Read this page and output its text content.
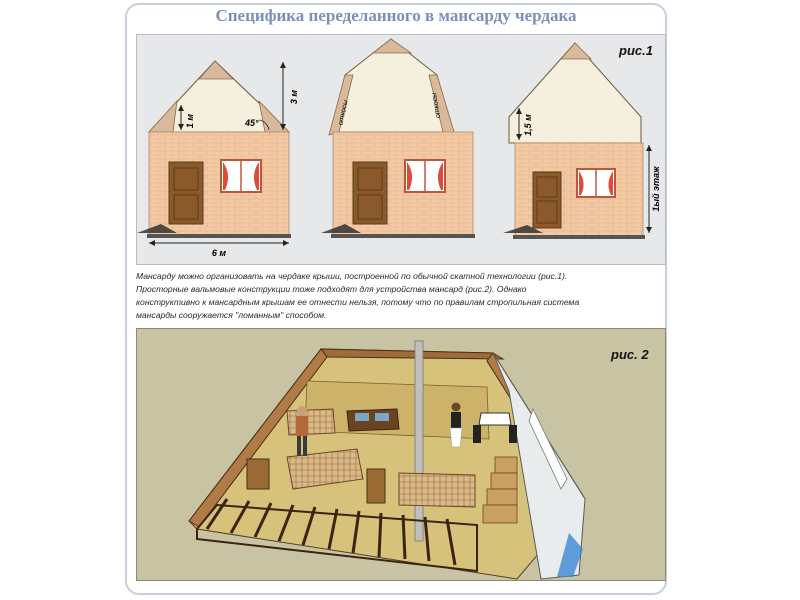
Специфика переделанного в мансарду чердака
1 м
3 м
45°
6 м
откосы	откосы
1,5 м
1ый этаж
рис.1
Мансарду можно организовать на чердаке крыши, построенной по обычной скатной технологии (рис.1).
Просторные вальмовые конструкции тоже подходят для устройства мансард (рис.2). Однако
конструктивно к мансардным крышам ее отнести нельзя, потому что по правилам стропильная система
мансарды сооружается "ломанным" способом.
рис. 2
